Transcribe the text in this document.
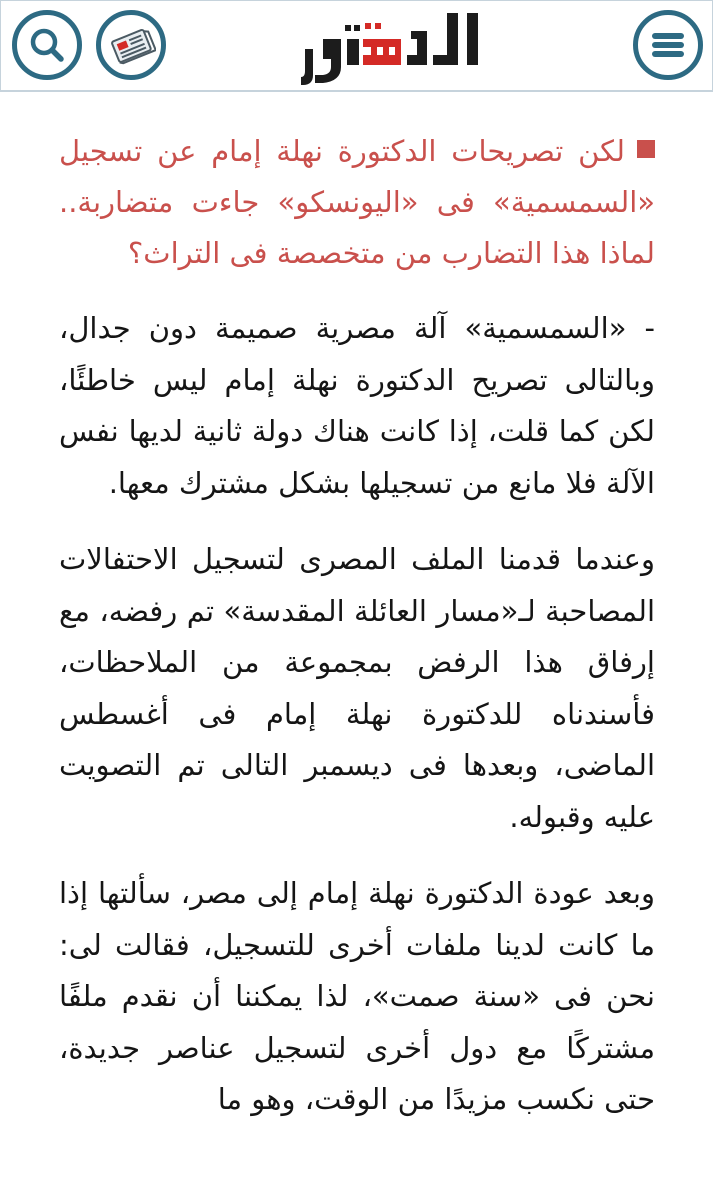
لكن تصريحات الدكتورة نهلة إمام عن تسجيل «السمسمية» فى «اليونسكو» جاءت متضاربة.. لماذا هذا التضارب من متخصصة فى التراث؟

- «السمسمية» آلة مصرية صميمة دون جدال، وبالتالى تصريح الدكتورة نهلة إمام ليس خاطئًا، لكن كما قلت، إذا كانت هناك دولة ثانية لديها نفس الآلة فلا مانع من تسجيلها بشكل مشترك معها.

وعندما قدمنا الملف المصرى لتسجيل الاحتفالات المصاحبة لـ«مسار العائلة المقدسة» تم رفضه، مع إرفاق هذا الرفض بمجموعة من الملاحظات، فأسندناه للدكتورة نهلة إمام فى أغسطس الماضى، وبعدها فى ديسمبر التالى تم التصويت عليه وقبوله.

وبعد عودة الدكتورة نهلة إمام إلى مصر، سألتها إذا ما كانت لدينا ملفات أخرى للتسجيل، فقالت لى: نحن فى «سنة صمت»، لذا يمكننا أن نقدم ملفًا مشتركًا مع دول أخرى لتسجيل عناصر جديدة، حتى نكسب مزيدًا من الوقت، وهو ما
